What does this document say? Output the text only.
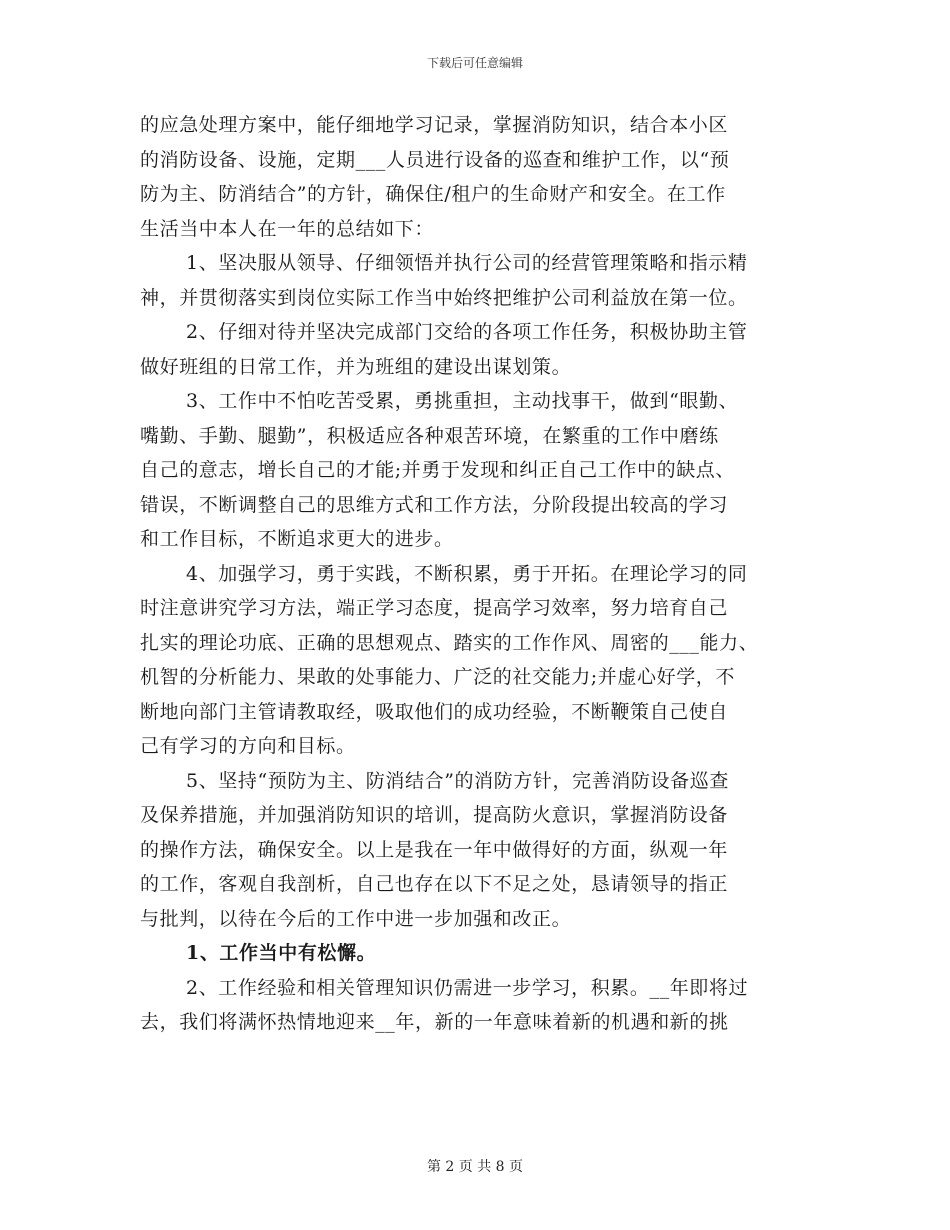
下载后可任意编辑
的应急处理方案中，能仔细地学习记录，掌握消防知识，结合本小区
的消防设备、设施，定期___人员进行设备的巡查和维护工作，以“预
防为主、防消结合”的方针，确保住/租户的生命财产和安全。在工作
生活当中本人在一年的总结如下：
1、坚决服从领导、仔细领悟并执行公司的经营管理策略和指示精
神，并贯彻落实到岗位实际工作当中始终把维护公司利益放在第一位。
2、仔细对待并坚决完成部门交给的各项工作任务，积极协助主管
做好班组的日常工作，并为班组的建设出谋划策。
3、工作中不怕吃苦受累，勇挑重担，主动找事干，做到“眼勤、
嘴勤、手勤、腿勤”，积极适应各种艰苦环境，在繁重的工作中磨练
自己的意志，增长自己的才能;并勇于发现和纠正自己工作中的缺点、
错误，不断调整自己的思维方式和工作方法，分阶段提出较高的学习
和工作目标，不断追求更大的进步。
4、加强学习，勇于实践，不断积累，勇于开拓。在理论学习的同
时注意讲究学习方法，端正学习态度，提高学习效率，努力培育自己
扎实的理论功底、正确的思想观点、踏实的工作作风、周密的___能力、
机智的分析能力、果敢的处事能力、广泛的社交能力;并虚心好学，不
断地向部门主管请教取经，吸取他们的成功经验，不断鞭策自己使自
己有学习的方向和目标。
5、坚持“预防为主、防消结合”的消防方针，完善消防设备巡查
及保养措施，并加强消防知识的培训，提高防火意识，掌握消防设备
的操作方法，确保安全。以上是我在一年中做得好的方面，纵观一年
的工作，客观自我剖析，自己也存在以下不足之处，恳请领导的指正
与批判，以待在今后的工作中进一步加强和改正。
1、工作当中有松懈。
2、工作经验和相关管理知识仍需进一步学习，积累。__年即将过
去，我们将满怀热情地迎来__年，新的一年意味着新的机遇和新的挑
第 2 页 共 8 页
